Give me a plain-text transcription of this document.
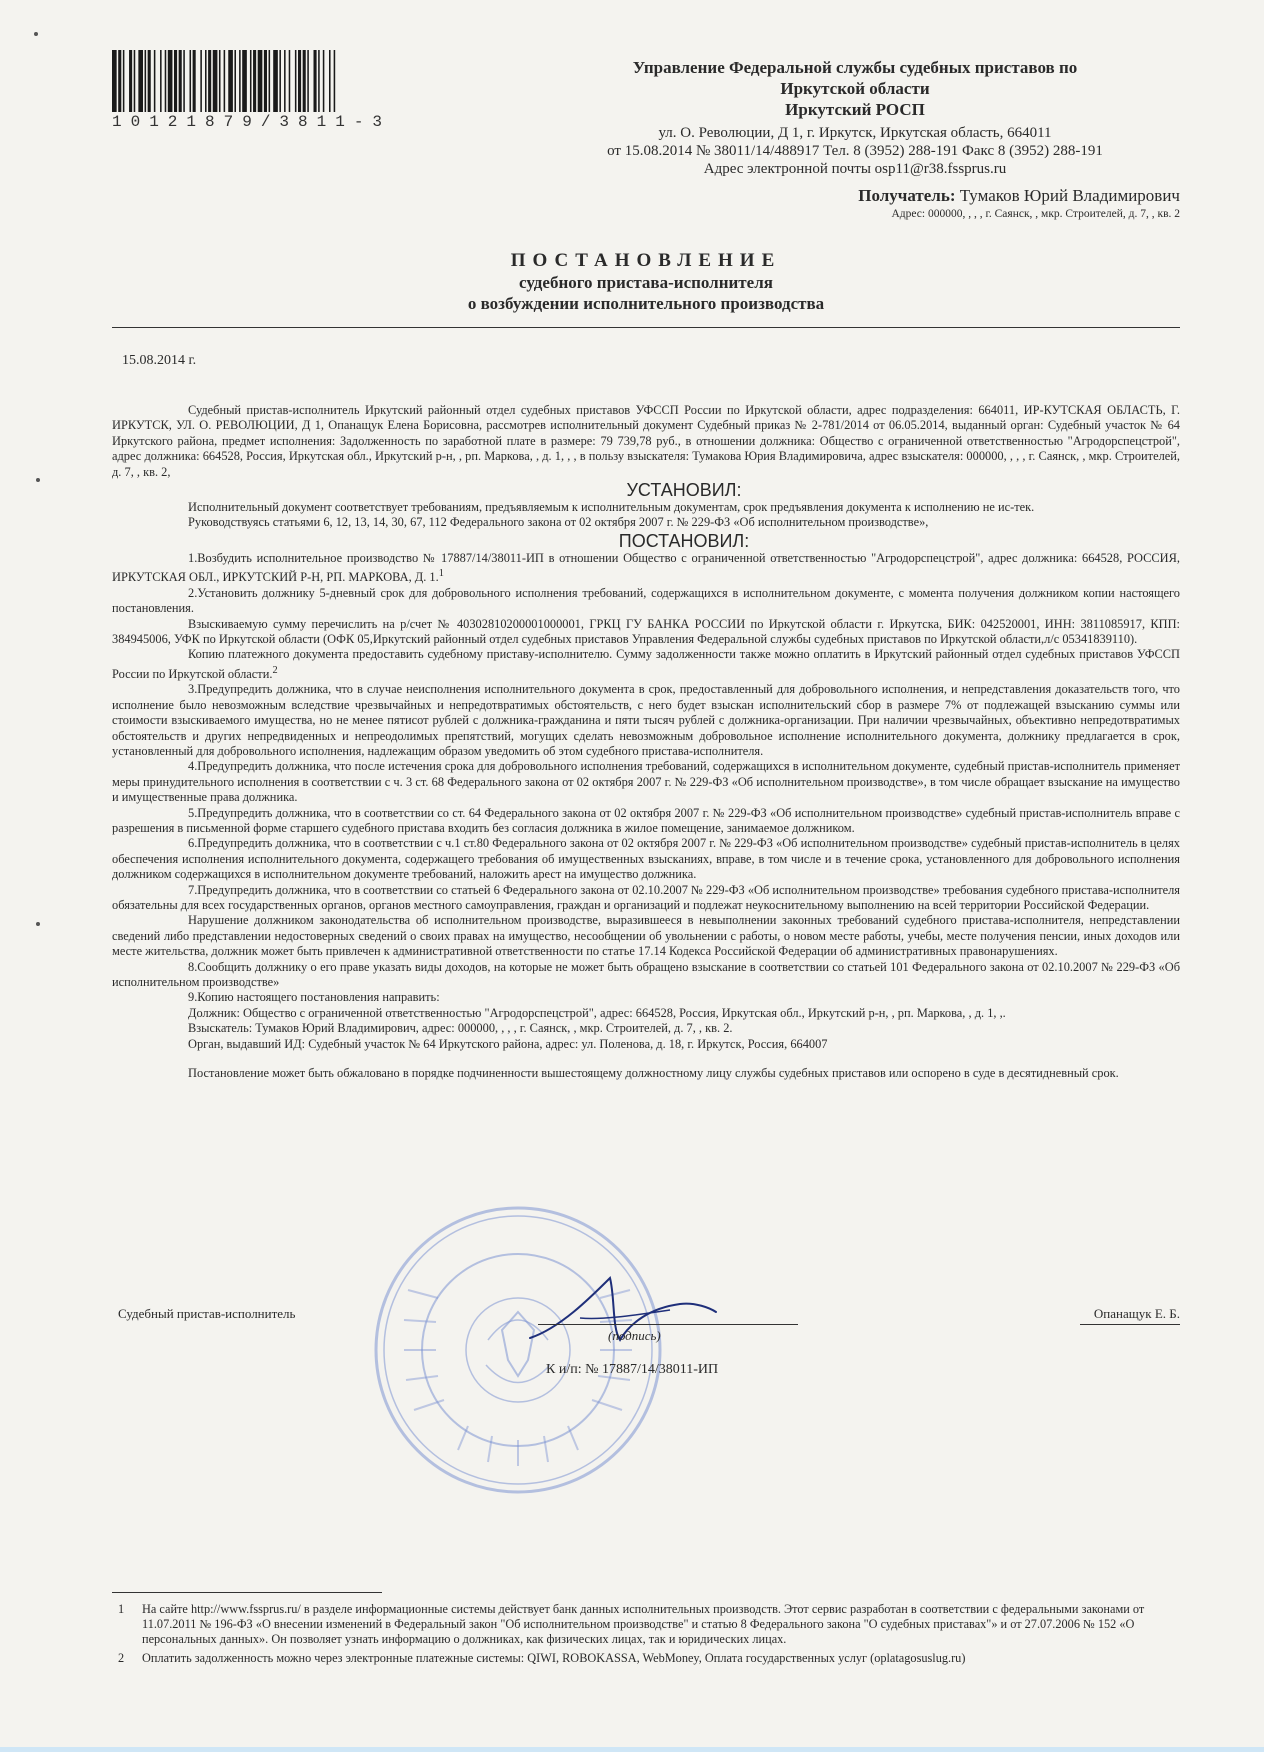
10121879/3811-3
Управление Федеральной службы судебных приставов по
Иркутской области
Иркутский РОСП
ул. О. Революции, Д 1, г. Иркутск, Иркутская область, 664011
от 15.08.2014 № 38011/14/488917 Тел. 8 (3952) 288-191 Факс 8 (3952) 288-191
Адрес электронной почты osp11@r38.fssprus.ru
Получатель: Тумаков Юрий Владимирович
Адрес: 000000, , , , г. Саянск, , мкр. Строителей, д. 7, , кв. 2
ПОСТАНОВЛЕНИЕ
судебного пристава-исполнителя
о возбуждении исполнительного производства
15.08.2014 г.

Судебный пристав-исполнитель Иркутский районный отдел судебных приставов УФССП России по Иркутской области, адрес подразделения: 664011, ИР-КУТСКАЯ ОБЛАСТЬ, Г. ИРКУТСК, УЛ. О. РЕВОЛЮЦИИ, Д 1, Опанащук Елена Борисовна, рассмотрев исполнительный документ Судебный приказ № 2-781/2014 от 06.05.2014, выданный орган: Судебный участок № 64 Иркутского района, предмет исполнения: Задолженность по заработной плате в размере: 79 739,78 руб., в отношении должника: Общество с ограниченной ответственностью "Агродорспецстрой", адрес должника: 664528, Россия, Иркутская обл., Иркутский р-н, , рп. Маркова, , д. 1, , , в пользу взыскателя: Тумакова Юрия Владимировича, адрес взыскателя: 000000, , , , г. Саянск, , мкр. Строителей, д. 7, , кв. 2,

УСТАНОВИЛ:

Исполнительный документ соответствует требованиям, предъявляемым к исполнительным документам, срок предъявления документа к исполнению не ис-тек.

Руководствуясь статьями 6, 12, 13, 14, 30, 67, 112 Федерального закона от 02 октября 2007 г. № 229-ФЗ «Об исполнительном производстве»,

ПОСТАНОВИЛ:

1.Возбудить исполнительное производство № 17887/14/38011-ИП в отношении Общество с ограниченной ответственностью "Агродорспецстрой", адрес должника: 664528, РОССИЯ, ИРКУТСКАЯ ОБЛ., ИРКУТСКИЙ Р-Н, РП. МАРКОВА, Д. 1.$^1$

2.Установить должнику 5-дневный срок для добровольного исполнения требований, содержащихся в исполнительном документе, с момента получения должником копии настоящего постановления.

Взыскиваемую сумму перечислить на р/счет № 40302810200001000001, ГРКЦ ГУ БАНКА РОССИИ по Иркутской области г. Иркутска, БИК: 042520001, ИНН: 3811085917, КПП: 384945006, УФК по Иркутской области (ОФК 05,Иркутский районный отдел судебных приставов Управления Федеральной службы судебных приставов по Иркутской области,л/с 05341839110).

Копию платежного документа предоставить судебному приставу-исполнителю. Сумму задолженности также можно оплатить в Иркутский районный отдел судебных приставов УФССП России по Иркутской области.$^2$

3.Предупредить должника, что в случае неисполнения исполнительного документа в срок, предоставленный для добровольного исполнения, и непредставления доказательств того, что исполнение было невозможным вследствие чрезвычайных и непредотвратимых обстоятельств, с него будет взыскан исполнительский сбор в размере 7% от подлежащей взысканию суммы или стоимости взыскиваемого имущества, но не менее пятисот рублей с должника-гражданина и пяти тысяч рублей с должника-организации. При наличии чрезвычайных, объективно непредотвратимых обстоятельств и других непредвиденных и непреодолимых препятствий, могущих сделать невозможным добровольное исполнение исполнительного документа, должнику предлагается в срок, установленный для добровольного исполнения, надлежащим образом уведомить об этом судебного пристава-исполнителя.

4.Предупредить должника, что после истечения срока для добровольного исполнения требований, содержащихся в исполнительном документе, судебный пристав-исполнитель применяет меры принудительного исполнения в соответствии с ч. 3 ст. 68 Федерального закона от 02 октября 2007 г. № 229-ФЗ «Об исполнительном производстве», в том числе обращает взыскание на имущество и имущественные права должника.

5.Предупредить должника, что в соответствии со ст. 64 Федерального закона от 02 октября 2007 г. № 229-ФЗ «Об исполнительном производстве» судебный пристав-исполнитель вправе с разрешения в письменной форме старшего судебного пристава входить без согласия должника в жилое помещение, занимаемое должником.

6.Предупредить должника, что в соответствии с ч.1 ст.80 Федерального закона от 02 октября 2007 г. № 229-ФЗ «Об исполнительном производстве» судебный пристав-исполнитель в целях обеспечения исполнения исполнительного документа, содержащего требования об имущественных взысканиях, вправе, в том числе и в течение срока, установленного для добровольного исполнения должником содержащихся в исполнительном документе требований, наложить арест на имущество должника.

7.Предупредить должника, что в соответствии со статьей 6 Федерального закона от 02.10.2007 № 229-ФЗ «Об исполнительном производстве» требования судебного пристава-исполнителя обязательны для всех государственных органов, органов местного самоуправления, граждан и организаций и подлежат неукоснительному выполнению на всей территории Российской Федерации.

Нарушение должником законодательства об исполнительном производстве, выразившееся в невыполнении законных требований судебного пристава-исполнителя, непредставлении сведений либо представлении недостоверных сведений о своих правах на имущество, несообщении об увольнении с работы, о новом месте работы, учебы, месте получения пенсии, иных доходов или месте жительства, должник может быть привлечен к административной ответственности по статье 17.14 Кодекса Российской Федерации об административных правонарушениях.

8.Сообщить должнику о его праве указать виды доходов, на которые не может быть обращено взыскание в соответствии со статьей 101 Федерального закона от 02.10.2007 № 229-ФЗ «Об исполнительном производстве»

9.Копию настоящего постановления направить:

Должник: Общество с ограниченной ответственностью "Агродорспецстрой", адрес: 664528, Россия, Иркутская обл., Иркутский р-н, , рп. Маркова, , д. 1, ,.

Взыскатель: Тумаков Юрий Владимирович, адрес: 000000, , , , г. Саянск, , мкр. Строителей, д. 7, , кв. 2.

Орган, выдавший ИД: Судебный участок № 64 Иркутского района, адрес: ул. Поленова, д. 18, г. Иркутск, Россия, 664007

Постановление может быть обжаловано в порядке подчиненности вышестоящему должностному лицу службы судебных приставов или оспорено в суде в десятидневный срок.

Судебный пристав-исполнитель
(подпись)
Опанащук Е. Б.
К и/п: № 17887/14/38011-ИП
1 На сайте http://www.fssprus.ru/ в разделе информационные системы действует банк данных исполнительных производств. Этот сервис разработан в соответствии с федеральными законами от 11.07.2011 № 196-ФЗ «О внесении изменений в Федеральный закон "Об исполнительном производстве" и статью 8 Федерального закона "О судебных приставах"» и от 27.07.2006 № 152 «О персональных данных». Он позволяет узнать информацию о должниках, как физических лицах, так и юридических лицах.
2 Оплатить задолженность можно через электронные платежные системы: QIWI, ROBOKASSA, WebMoney, Оплата государственных услуг (oplatagosuslug.ru)
